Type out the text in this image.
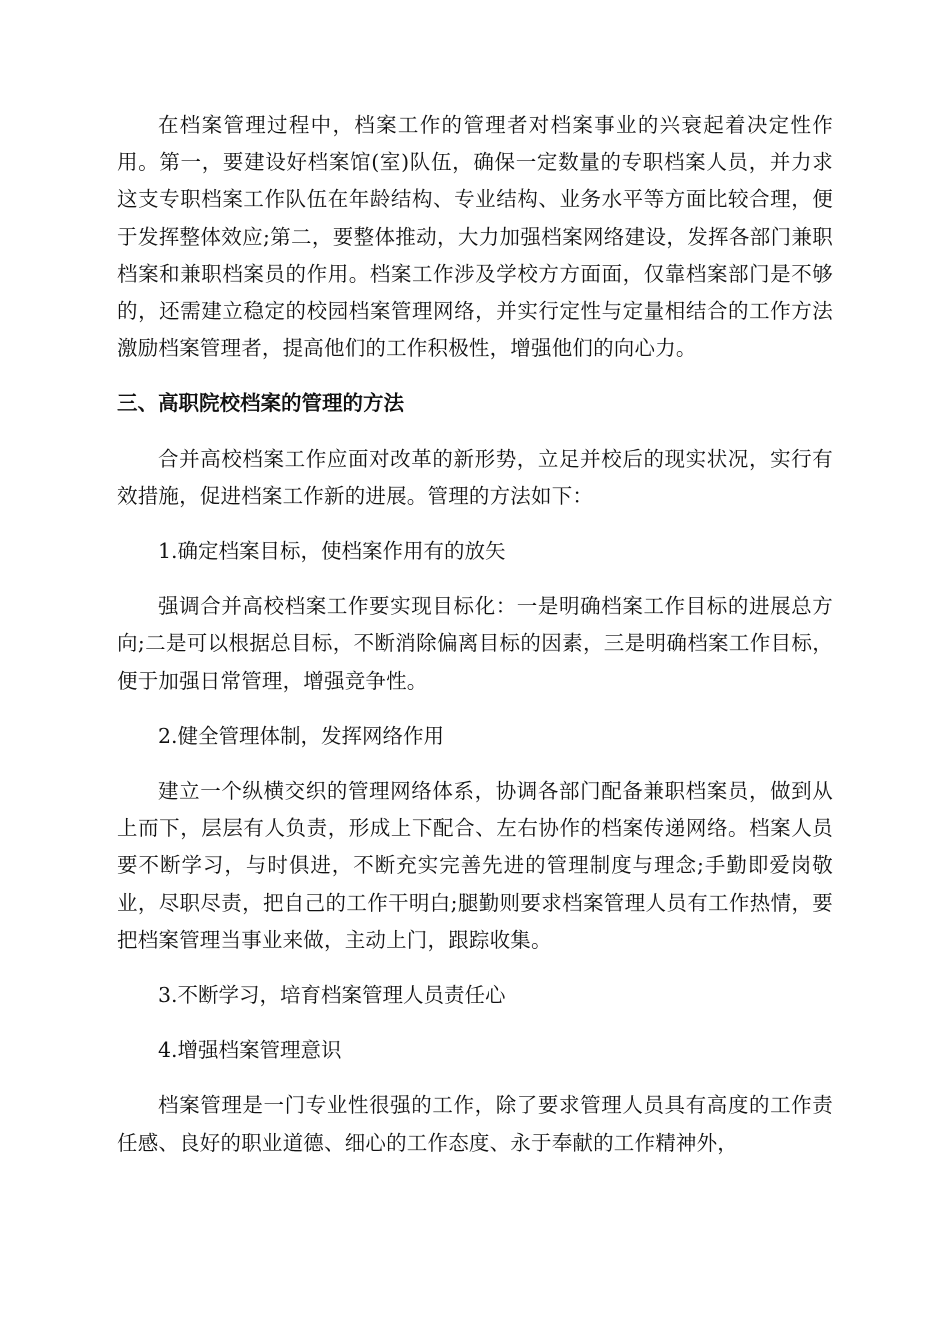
在档案管理过程中，档案工作的管理者对档案事业的兴衰起着决定性作用。第一，要建设好档案馆(室)队伍，确保一定数量的专职档案人员，并力求这支专职档案工作队伍在年龄结构、专业结构、业务水平等方面比较合理，便于发挥整体效应;第二，要整体推动，大力加强档案网络建设，发挥各部门兼职档案和兼职档案员的作用。档案工作涉及学校方方面面，仅靠档案部门是不够的，还需建立稳定的校园档案管理网络，并实行定性与定量相结合的工作方法激励档案管理者，提高他们的工作积极性，增强他们的向心力。

三、高职院校档案的管理的方法

合并高校档案工作应面对改革的新形势，立足并校后的现实状况，实行有效措施，促进档案工作新的进展。管理的方法如下：

1.确定档案目标，使档案作用有的放矢

强调合并高校档案工作要实现目标化：一是明确档案工作目标的进展总方向;二是可以根据总目标，不断消除偏离目标的因素，三是明确档案工作目标，便于加强日常管理，增强竞争性。

2.健全管理体制，发挥网络作用

建立一个纵横交织的管理网络体系，协调各部门配备兼职档案员，做到从上而下，层层有人负责，形成上下配合、左右协作的档案传递网络。档案人员要不断学习，与时俱进，不断充实完善先进的管理制度与理念;手勤即爱岗敬业，尽职尽责，把自己的工作干明白;腿勤则要求档案管理人员有工作热情，要把档案管理当事业来做，主动上门，跟踪收集。

3.不断学习，培育档案管理人员责任心

4.增强档案管理意识

档案管理是一门专业性很强的工作，除了要求管理人员具有高度的工作责任感、良好的职业道德、细心的工作态度、永于奉献的工作精神外，
